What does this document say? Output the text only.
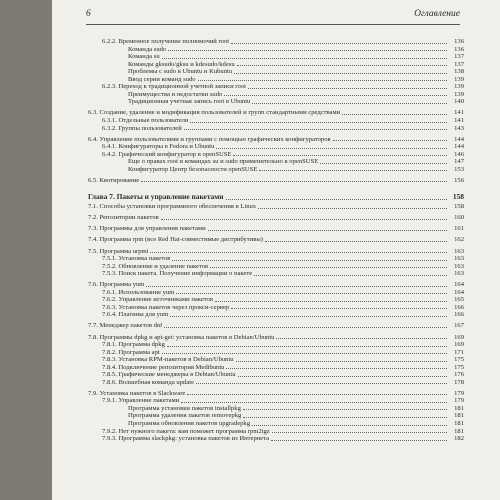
6	Оглавление
6.2.2. Временное получение полномочий root	136
Команда sudo	136
Команда su	137
Команды gksudo/gksu и kdesudo/kdesu	137
Проблемы с sudo в Ubuntu и Kubuntu	138
Ввод серии команд sudo	139
6.2.3. Переход к традиционной учетной записи root	139
Преимущества и недостатки sudo	139
Традиционная учетная запись root в Ubuntu	140
6.3. Создание, удаление и модификация пользователей и групп стандартными средствами	141
6.3.1. Отдельные пользователи	141
6.3.2. Группы пользователей	143
6.4. Управление пользователями и группами с помощью графических конфигураторов	144
6.4.1. Конфигураторы в Fedora и Ubuntu	144
6.4.2. Графический конфигуратор в openSUSE	146
Еще о правах root и командах su и sudo применительно к openSUSE	147
Конфигуратор Центр безопасности openSUSE	153
6.5. Квотирование	156
Глава 7. Пакеты и управление пакетами	158
7.1. Способы установки программного обеспечения в Linux	158
7.2. Репозитории пакетов	160
7.3. Программы для управления пакетами	161
7.4. Программа rpm (все Red Hat-совместимые дистрибутивы)	162
7.5. Программа urpmi	163
7.5.1. Установка пакетов	163
7.5.2. Обновление и удаление пакетов	163
7.5.3. Поиск пакета. Получение информации о пакете	163
7.6. Программа yum	164
7.6.1. Использование yum	164
7.6.2. Управление источниками пакетов	165
7.6.3. Установка пакетов через прокси-сервер	166
7.6.4. Плагины для yum	166
7.7. Менеджер пакетов dnf	167
7.8. Программы dpkg и apt-get: установка пакетов в Debian/Ubuntu	169
7.8.1. Программа dpkg	169
7.8.2. Программа apt	171
7.8.3. Установка RPM-пакетов в Debian/Ubuntu	175
7.8.4. Подключение репозитория Medibuntu	175
7.8.5. Графические менеджеры в Debian/Ubuntu	176
7.8.6. Волшебная команда update	178
7.9. Установка пакетов в Slackware	179
7.9.1. Управление пакетами	179
Программа установки пакетов installpkg	181
Программа удаления пакетов removepkg	181
Программа обновления пакетов upgradepkg	181
7.9.2. Нет нужного пакета: вам поможет программа rpm2tgz	181
7.9.3. Программа slackpkg: установка пакетов из Интернета	182
